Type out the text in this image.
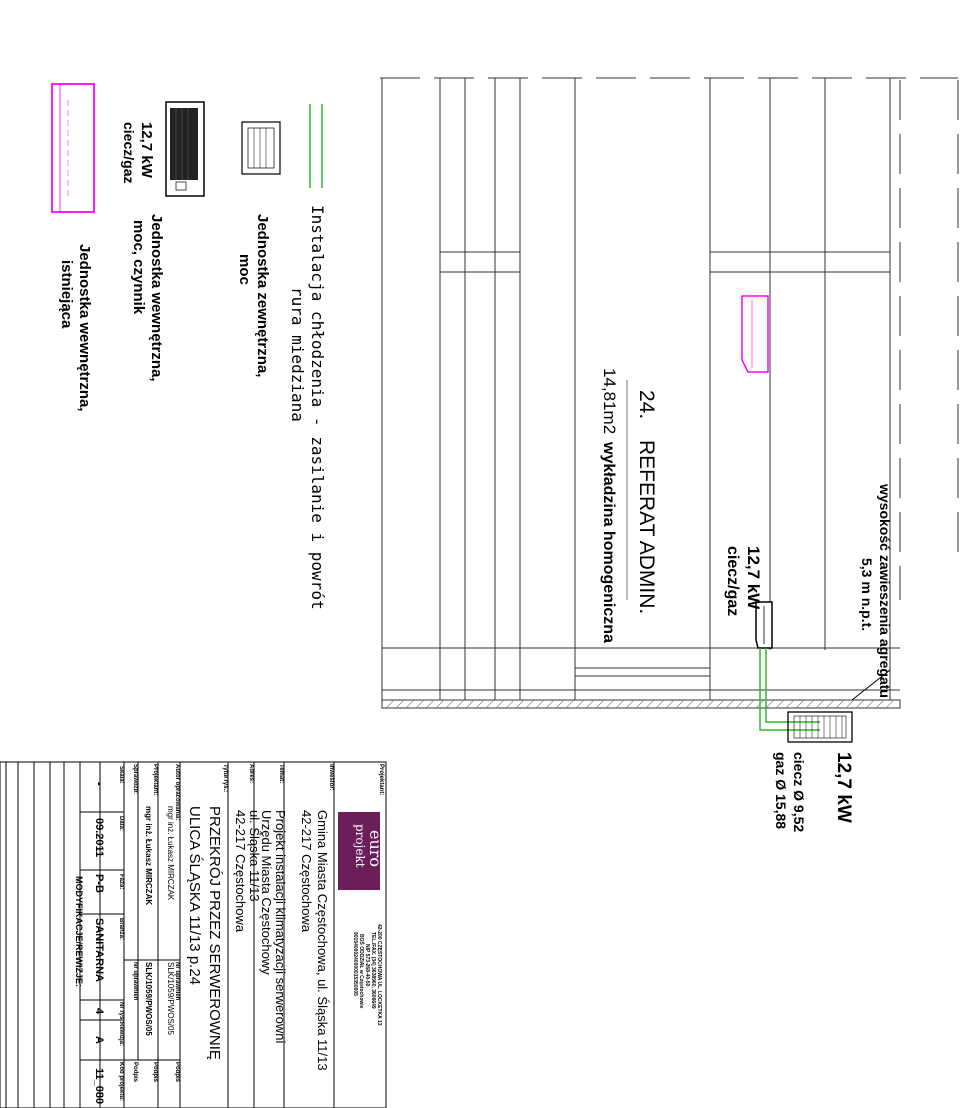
24.
REFERAT ADMIN.
14,81m2
wykładzina homogeniczna	12,7 kW
ciecz/gaz	wysokość zawieszenia agregatu
5,3 m n.p.t.
12,7 kW
ciecz Ø 9,52
gaz Ø 15,88
Instalacja chłodzenia - zasilanie i powrót
rura miedziana
Jednostka zewnętrzna,
moc
12,7 kW
ciecz/gaz
Jednostka wewnętrzna,
moc, czynnik
Jednostka wewnętrzna,
istniejąca
euro
projekt
42-200 CZĘSTOCHOWA UL. LOCKETKA 13
TEL./FAX. (34) 3638960, 3606649
NIP 573-268-40-50
BOŚ ODDZIAŁ w Częstochowie
90154000240000015350005
Projektant:
Inwestor:
Temat:
Adres:
Tytuł rys.:
Autor opracowania:
Projektant:
Sprawdził:
Nr uprawnień
Podpis
Podpis
Nr uprawnień
Podpis
Skala:
Data:
Faza:
Branża:
Nr rys.:
Rewizja:
Kod projektu:
Gmina Miasta Częstochowa, ul. Śląska 11/13
42-217 Częstochowa
Projekt instalacji klimatyzacji serwerowni
Urzędu Miasta Częstochowy
ul. Śląska 11/13
42-217 Częstochowa
PRZEKRÓJ PRZEZ SERWEROWNIĘ
ULICA ŚLĄSKA 11/13 p.24
mgr inż. Łukasz MIRCZAK
SLK/1059/PWOS/05
mgr inż. Łukasz MIRCZAK
SLK/1059/PWOS/05
-
09.2011
P-B
SANITARNA
4
A
11_080
MODYFIKACJE/REWIZJE:
